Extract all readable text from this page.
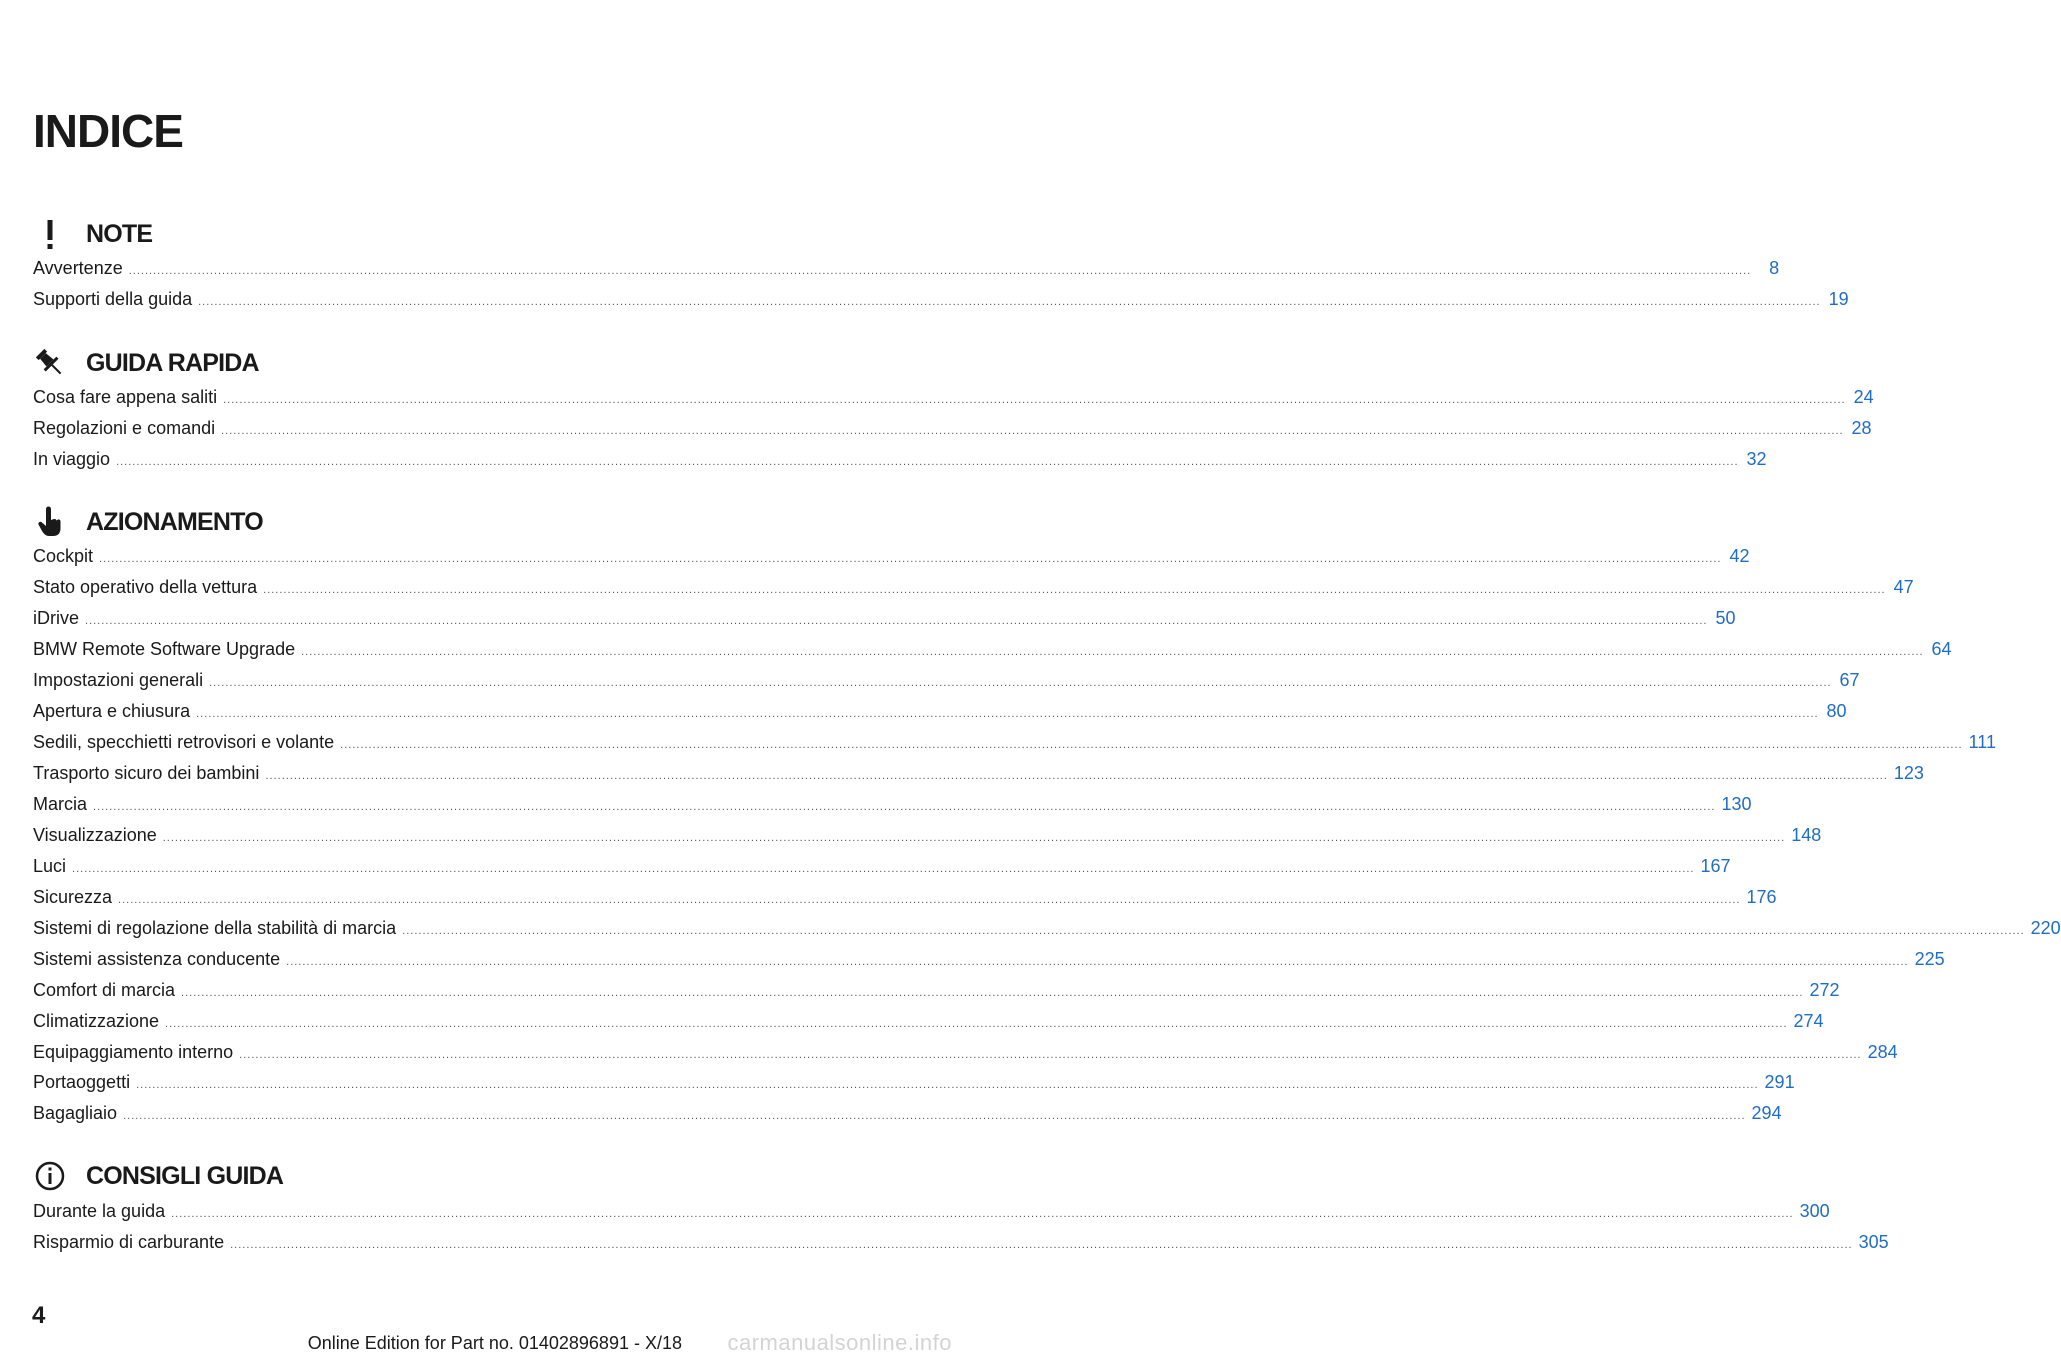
INDICE
NOTE
Avvertenze ................................................................................................................................................................................................................................................................................................................................................................................................................ 8
Supporti della guida ................................................................................................................................................................................................................................................................................................................................................................................................................ 19
GUIDA RAPIDA
Cosa fare appena saliti ................................................................................................................................................................................................................................................................................................................................................................................................................ 24
Regolazioni e comandi ................................................................................................................................................................................................................................................................................................................................................................................................................ 28
In viaggio ................................................................................................................................................................................................................................................................................................................................................................................................................ 32
AZIONAMENTO
Cockpit ................................................................................................................................................................................................................................................................................................................................................................................................................ 42
Stato operativo della vettura ................................................................................................................................................................................................................................................................................................................................................................................................................ 47
iDrive ................................................................................................................................................................................................................................................................................................................................................................................................................ 50
BMW Remote Software Upgrade ................................................................................................................................................................................................................................................................................................................................................................................................................ 64
Impostazioni generali ................................................................................................................................................................................................................................................................................................................................................................................................................ 67
Apertura e chiusura ................................................................................................................................................................................................................................................................................................................................................................................................................ 80
Sedili, specchietti retrovisori e volante ................................................................................................................................................................................................................................................................................................................................................................................................................ 111
Trasporto sicuro dei bambini ................................................................................................................................................................................................................................................................................................................................................................................................................ 123
Marcia ................................................................................................................................................................................................................................................................................................................................................................................................................ 130
Visualizzazione ................................................................................................................................................................................................................................................................................................................................................................................................................ 148
Luci ................................................................................................................................................................................................................................................................................................................................................................................................................ 167
Sicurezza ................................................................................................................................................................................................................................................................................................................................................................................................................ 176
Sistemi di regolazione della stabilità di marcia ................................................................................................................................................................................................................................................................................................................................................................................................................ 220
Sistemi assistenza conducente ................................................................................................................................................................................................................................................................................................................................................................................................................ 225
Comfort di marcia ................................................................................................................................................................................................................................................................................................................................................................................................................ 272
Climatizzazione ................................................................................................................................................................................................................................................................................................................................................................................................................ 274
Equipaggiamento interno ................................................................................................................................................................................................................................................................................................................................................................................................................ 284
Portaoggetti ................................................................................................................................................................................................................................................................................................................................................................................................................ 291
Bagagliaio ................................................................................................................................................................................................................................................................................................................................................................................................................ 294
CONSIGLI GUIDA
Durante la guida ................................................................................................................................................................................................................................................................................................................................................................................................................ 300
Risparmio di carburante ................................................................................................................................................................................................................................................................................................................................................................................................................ 305
4
Online Edition for Part no. 01402896891 - X/18 carmanualsonline.info
